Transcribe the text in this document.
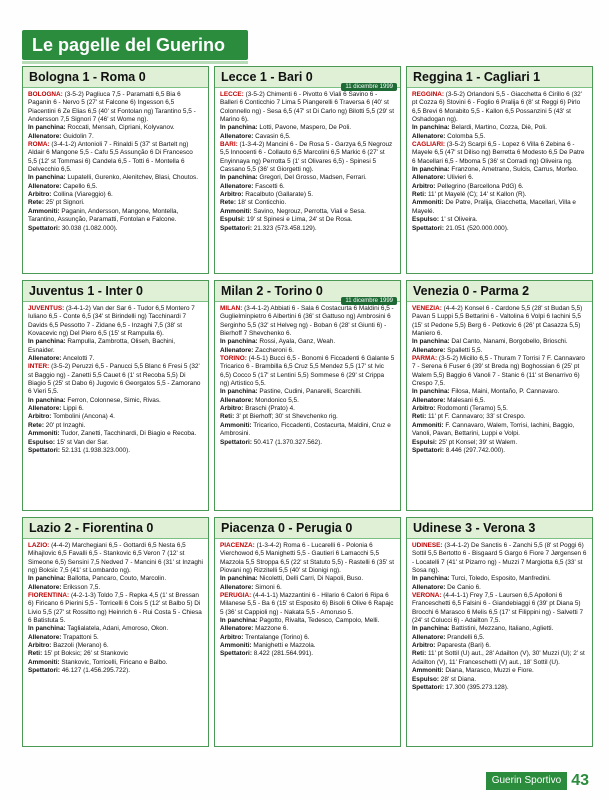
Le pagelle del Guerino
Bologna 1 - Roma 0

BOLOGNA: (3-5-2) Pagliuca 7,5 - Paramatti 6,5 Bia 6 Paganin 6 - Nervo 5 (27' st Falcone 6) Ingesson 6,5 Piacentini 6 Ze Elias 6,5 (40' st Fontolan ng) Tarantino 5,5 - Andersson 7,5 Signori 7 (46' st Wome ng).

In panchina: Roccati, Mensah, Cipriani, Kolyvanov.

Allenatore: Guidolin 7.

ROMA: (3-4-1-2) Antonioli 7 - Rinaldi 5 (37' st Bartelt ng) Aldair 6 Mangone 5,5 - Cafu 5,5 Assunção 6 Di Francesco 5,5 (12' st Tommasi 6) Candela 6,5 - Totti 6 - Montella 6 Delvecchio 6,5.

In panchina: Lupatelli, Gurenko, Alenitchev, Blasi, Choutos.

Allenatore: Capello 6,5.

Arbitro: Collina (Viareggio) 6.

Rete: 25' pt Signori.

Ammoniti: Paganin, Andersson, Mangone, Montella, Tarantino, Assunção, Paramatti, Fontolan e Falcone.

Spettatori: 30.038 (1.082.000).

Lecce 1 - Bari 0
11 dicembre 1999

LECCE: (3-5-2) Chimenti 6 - Pivotto 6 Viali 6 Savino 6 - Balleri 6 Conticchio 7 Lima 5 Piangerelli 6 Traversa 6 (40' st Colonnello ng) - Sesa 6,5 (47' st Di Carlo ng) Bilotti 5,5 (29' st Marino 6).

In panchina: Lotti, Pavone, Maspero, De Poli.

Allenatore: Cavasin 6,5.

BARI: (1-3-4-2) Mancini 6 - De Rosa 5 - Garzya 6,5 Negrouz 5,5 Innocenti 6 - Collauto 6,5 Marcolini 6,5 Markic 6 (27' st Enyinnaya ng) Perrotta 5 (1' st Olivares 6,5) - Spinesi 5 Cassano 5,5 (36' st Giorgetti ng).

In panchina: Gregori, Del Grosso, Madsen, Ferrari.

Allenatore: Fascetti 6.

Arbitro: Racalbuto (Gallarate) 5.

Rete: 18' st Conticchio.

Ammoniti: Savino, Negrouz, Perrotta, Viali e Sesa.

Espulsi: 19' st Spinesi e Lima, 24' st De Rosa.

Spettatori: 21.323 (573.458.129).

Reggina 1 - Cagliari 1

REGGINA: (3-5-2) Orlandoni 5,5 - Giacchetta 6 Cirillo 6 (32' pt Cozza 6) Stovini 6 - Foglio 6 Pralija 6 (8' st Reggi 6) Pirlo 6,5 Brevi 6 Morabito 5,5 - Kallon 6,5 Possanzini 5 (43' st Oshadogan ng).

In panchina: Belardi, Martino, Cozza, Diè, Poli.

Allenatore: Colomba 5,5.

CAGLIARI: (3-5-2) Scarpi 6,5 - Lopez 6 Villa 6 Zebina 6 - Mayele 6,5 (47' st Diliso ng) Berretta 6 Modesto 6,5 De Patre 6 Macellari 6,5 - Mboma 5 (36' st Corradi ng) Oliveira ng.

In panchina: Franzone, Ametrano, Sulcis, Carrus, Morfeo.

Allenatore: Ulivieri 6.

Arbitro: Pellegrino (Barcellona PdG) 6.

Reti: 11' pt Mayelé (C); 14' st Kallon (R).

Ammoniti: De Patre, Pralija, Giacchetta, Macellari, Villa e Mayelé.

Espulso: 1' st Oliveira.

Spettatori: 21.051 (520.000.000).

Juventus 1 - Inter 0

JUVENTUS: (3-4-1-2) Van der Sar 6 - Tudor 6,5 Montero 7 Iuliano 6,5 - Conte 6,5 (34' st Birindelli ng) Tacchinardi 7 Davids 6,5 Pessotto 7 - Zidane 6,5 - Inzaghi 7,5 (38' st Kovacevic ng) Del Piero 6,5 (15' st Rampulla 6).

In panchina: Rampulla, Zambrotta, Oliseh, Bachini, Esnaider.

Allenatore: Ancelotti 7.

INTER: (3-5-2) Peruzzi 6,5 - Panucci 5,5 Blanc 6 Fresi 5 (32' st Baggio ng) - Zanetti 5,5 Cauet 6 (1' st Recoba 5,5) Di Biagio 5 (25' st Dabo 6) Jugovic 6 Georgatos 5,5 - Zamorano 6 Vieri 5,5.

In panchina: Ferron, Colonnese, Simic, Rivas.

Allenatore: Lippi 6.

Arbitro: Tombolini (Ancona) 4.

Rete: 20' pt Inzaghi.

Ammoniti: Tudor, Zanetti, Tacchinardi, Di Biagio e Recoba.

Espulso: 15' st Van der Sar.

Spettatori: 52.131 (1.938.323.000).

Milan 2 - Torino 0
11 dicembre 1999

MILAN: (3-4-1-2) Abbiati 6 - Sala 6 Costacurta 6 Maldini 6,5 - Guglielminpietro 6 Albertini 6 (36' st Gattuso ng) Ambrosini 6 Serginho 5,5 (32' st Helveg ng) - Boban 6 (28' st Giunti 6) - Bierhoff 7 Shevchenko 6.

In panchina: Rossi, Ayala, Ganz, Weah.

Allenatore: Zaccheroni 6.

TORINO: (4-5-1) Bucci 6,5 - Bonomi 6 Ficcadenti 6 Galante 5 Tricarico 6 - Brambilla 6,5 Cruz 5,5 Mendez 5,5 (17' st Ivic 6,5) Cocco 5 (17' st Lentini 5,5) Sommese 6 (29' st Crippa ng) Artistico 5,5.

In panchina: Pastine, Cudini, Panarelli, Scarchilli.

Allenatore: Mondonico 5,5.

Arbitro: Braschi (Prato) 4.

Reti: 3' pt Bierhoff; 30' st Shevchenko rig.

Ammoniti: Tricarico, Ficcadenti, Costacurta, Maldini, Cruz e Ambrosini.

Spettatori: 50.417 (1.370.327.562).

Venezia 0 - Parma 2

VENEZIA: (4-4-2) Konsel 6 - Cardone 5,5 (28' st Budan 5,5) Pavan 5 Luppi 5,5 Bettarini 6 - Valtolina 6 Volpi 6 Iachini 5,5 (15' st Pedone 5,5) Berg 6 - Petkovic 6 (26' pt Casazza 5,5) Maniero 6.

In panchina: Dal Canto, Nanami, Borgobello, Brioschi.

Allenatore: Spalletti 5,5.

PARMA: (3-5-2) Micillo 6,5 - Thuram 7 Torrisi 7 F. Cannavaro 7 - Serena 6 Fuser 6 (39' st Breda ng) Boghossian 6 (25' pt Walem 5,5) Baggio 6 Vanoli 7 - Stanic 6 (11' st Benarrivo 6) Crespo 7,5.

In panchina: Filosa, Maini, Montaño, P. Cannavaro.

Allenatore: Malesani 6,5.

Arbitro: Rodomonti (Teramo) 5,5.

Reti: 11' pt F. Cannavaro; 33' st Crespo.

Ammoniti: F. Cannavaro, Walem, Torrisi, Iachini, Baggio, Vanoli, Pavan, Bettarini, Luppi e Volpi.

Espulsi: 25' pt Konsel; 39' st Walem.

Spettatori: 8.446 (297.742.000).

Lazio 2 - Fiorentina 0

LAZIO: (4-4-2) Marchegiani 6,5 - Gottardi 6,5 Nesta 6,5 Mihajlovic 6,5 Favalli 6,5 - Stankovic 6,5 Veron 7 (12' st Simeone 6,5) Sensini 7,5 Nedved 7 - Mancini 6 (31' st Inzaghi ng) Boksic 7,5 (41' st Lombardo ng).

In panchina: Ballotta, Pancaro, Couto, Marcolin.

Allenatore: Eriksson 7,5.

FIORENTINA: (4-2-1-3) Toldo 7,5 - Repka 4,5 (1' st Bressan 6) Firicano 6 Pierini 5,5 - Torricelli 6 Cois 5 (12' st Balbo 5) Di Livio 5,5 (27' st Rossitto ng) Heinrich 6 - Rui Costa 5 - Chiesa 6 Batistuta 5.

In panchina: Taglialatela, Adani, Amoroso, Okon.

Allenatore: Trapattoni 5.

Arbitro: Bazzoli (Merano) 6.

Reti: 15' pt Boksic; 26' st Stankovic

Ammoniti: Stankovic, Torricelli, Firicano e Balbo.

Spettatori: 46.127 (1.456.295.722).

Piacenza 0 - Perugia 0

PIACENZA: (1-3-4-2) Roma 6 - Lucarelli 6 - Polonia 6 Vierchowod 6,5 Manighetti 5,5 - Gautieri 6 Lamacchi 5,5 Mazzola 5,5 Stroppa 6,5 (22' st Statuto 5,5) - Rastelli 6 (35' st Piovani ng) Rizzitelli 5,5 (40' st Dionigi ng).

In panchina: Nicoletti, Delli Carri, Di Napoli, Buso.

Allenatore: Simoni 6.

PERUGIA: (4-4-1-1) Mazzantini 6 - Hilario 6 Calori 6 Ripa 6 Milanese 5,5 - Ba 6 (15' st Esposito 6) Bisoli 6 Olive 6 Rapajc 5 (36' st Cappioli ng) - Nakata 5,5 - Amoruso 5.

In panchina: Pagotto, Rivalta, Tedesco, Campolo, Melli.

Allenatore: Mazzone 6.

Arbitro: Trentalange (Torino) 6.

Ammoniti: Manighetti e Mazzola.

Spettatori: 8.422 (281.564.991).

Udinese 3 - Verona 3

UDINESE: (3-4-1-2) De Sanctis 6 - Zanchi 5,5 (8' st Poggi 6) Sottil 5,5 Bertotto 6 - Bisgaard 5 Gargo 6 Fiore 7 Jørgensen 6 - Locatelli 7 (41' st Pizarro ng) - Muzzi 7 Margiotta 6,5 (33' st Sosa ng).

In panchina: Turci, Toledo, Esposito, Manfredini.

Allenatore: De Canio 6.

VERONA: (4-4-1-1) Frey 7,5 - Laursen 6,5 Apolloni 6 Franceschetti 6,5 Falsini 6 - Giandebiaggi 6 (39' pt Diana 5) Brocchi 6 Marasco 6 Melis 6,5 (17' st Filippini ng) - Salvetti 7 (24' st Colucci 6) - Adailton 7,5.

In panchina: Battistini, Mezzano, Italiano, Aglietti.

Allenatore: Prandelli 6,5.

Arbitro: Paparesta (Bari) 6.

Reti: 11' pt Sottil (U) aut., 28' Adailton (V), 30' Muzzi (U); 2' st Adailton (V), 11' Franceschetti (V) aut., 18' Sottil (U).

Ammoniti: Diana, Marasco, Muzzi e Fiore.

Espulso: 28' st Diana.

Spettatori: 17.300 (395.273.128).

Guerin Sportivo 43
